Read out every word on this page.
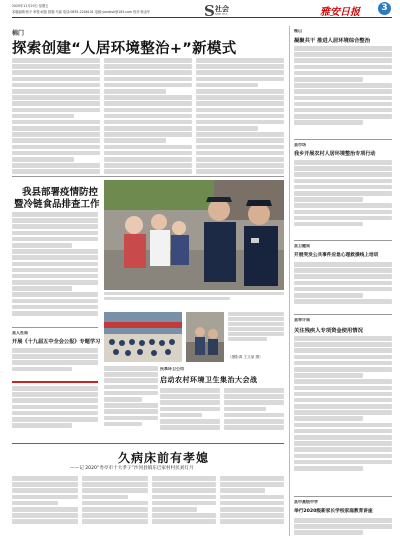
2020年11月20日 星期五
本版编辑:张平 审校:何凯 排版:马丽 电话:0835-2246101 电邮:yaxrbsh@163.com 校对:杨金华	S 社会
SHE HUI	雅安日报	3
棉门
探索创建“人居环境整治+”新模式
我县部署疫情防控
暨冷链食品排查工作
县人社局
开展《十九届五中全会公报》专题学习
（摄影鸿 王文莱 摄）
民革环卫公司
启动农村环境卫生集治大会战
久病床前有孝媳
——记 2020“寿亭市十大孝子”沙河县镇东巴家村村民刘灯月
锥山
凝聚共干 推进人居环境综合整治
县市场
我乡开展农村人居环境整治专项行动
县卫健局
开展突发公共事件应急心理救援线上培训
县审计局
关注残疾人专项资金使用情况
县中高级中学
举行2020级新家长学校家庭教育讲座
